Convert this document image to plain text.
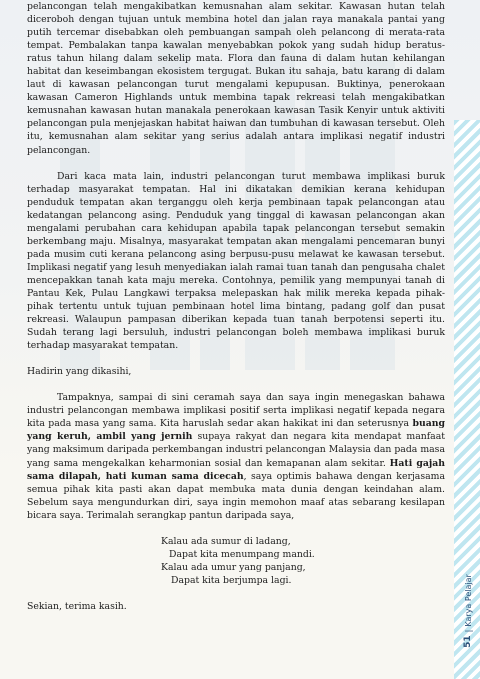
51
|
Karya Pelajar

pelancongan telah mengakibatkan kemusnahan alam sekitar. Kawasan hutan telah diceroboh dengan tujuan untuk membina hotel dan jalan raya manakala pantai yang putih tercemar disebabkan oleh pembuangan sampah oleh pelancong di merata-rata tempat. Pembalakan tanpa kawalan menyebabkan pokok yang sudah hidup beratus-ratus tahun hilang dalam sekelip mata. Flora dan fauna di dalam hutan kehilangan habitat dan keseimbangan ekosistem tergugat. Bukan itu sahaja, batu karang di dalam laut di kawasan pelancongan turut mengalami kepupusan. Buktinya, penerokaan kawasan Cameron Highlands untuk membina tapak rekreasi telah mengakibatkan kemusnahan kawasan hutan manakala penerokaan kawasan Tasik Kenyir untuk aktiviti pelancongan pula menjejaskan habitat haiwan dan tumbuhan di kawasan tersebut. Oleh itu, kemusnahan alam sekitar yang serius adalah antara implikasi negatif industri pelancongan.

Dari kaca mata lain, industri pelancongan turut membawa implikasi buruk terhadap masyarakat tempatan. Hal ini dikatakan demikian kerana kehidupan penduduk tempatan akan terganggu oleh kerja pembinaan tapak pelancongan atau kedatangan pelancong asing. Penduduk yang tinggal di kawasan pelancongan akan mengalami perubahan cara kehidupan apabila tapak pelancongan tersebut semakin berkembang maju. Misalnya, masyarakat tempatan akan mengalami pencemaran bunyi pada musim cuti kerana pelancong asing berpusu-pusu melawat ke kawasan tersebut. Implikasi negatif yang lesuh menyediakan ialah ramai tuan tanah dan pengusaha chalet mencepakkan tanah kata maju mereka. Contohnya, pemilik yang mempunyai tanah di Pantau Kek, Pulau Langkawi terpaksa melepaskan hak milik mereka kepada pihak-pihak tertentu untuk tujuan pembinaan hotel lima bintang, padang golf dan pusat rekreasi. Walaupun pampasan diberikan kepada tuan tanah berpotensi seperti itu. Sudah terang lagi bersuluh, industri pelancongan boleh membawa implikasi buruk terhadap masyarakat tempatan.

Hadirin yang dikasihi,

Tampaknya, sampai di sini ceramah saya dan saya ingin menegaskan bahawa industri pelancongan membawa implikasi positif serta implikasi negatif kepada negara kita pada masa yang sama. Kita haruslah sedar akan hakikat ini dan seterusnya buang yang keruh, ambil yang jernih supaya rakyat dan negara kita mendapat manfaat yang maksimum daripada perkembangan industri pelancongan Malaysia dan pada masa yang sama mengekalkan keharmonian sosial dan kemapanan alam sekitar. Hati gajah sama dilapah, hati kuman sama dicecah, saya optimis bahawa dengan kerjasama semua pihak kita pasti akan dapat membuka mata dunia dengan keindahan alam. Sebelum saya mengundurkan diri, saya ingin memohon maaf atas sebarang kesilapan bicara saya. Terimalah serangkap pantun daripada saya,

Kalau ada sumur di ladang,
Dapat kita menumpang mandi.
Kalau ada umur yang panjang,
Dapat kita berjumpa lagi.

Sekian, terima kasih.
